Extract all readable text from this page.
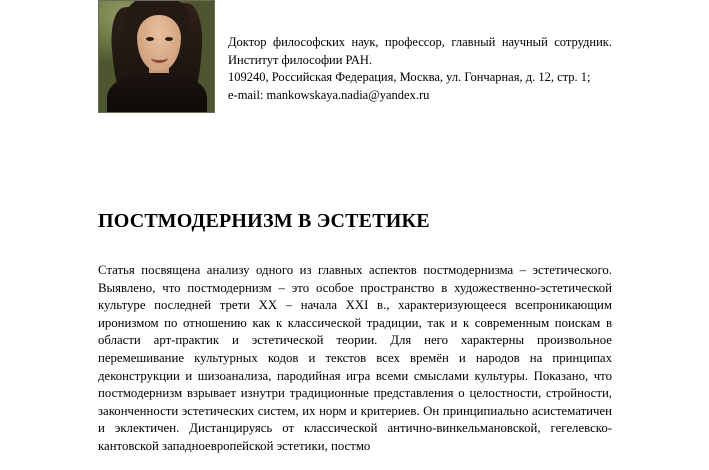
Доктор философских наук, профессор, главный научный сотрудник. Институт философии РАН.

109240, Российская Федерация, Москва, ул. Гончарная, д. 12, стр. 1;

e-mail: mankowskaya.nadia@yandex.ru

ПОСТМОДЕРНИЗМ В ЭСТЕТИКЕ

Статья посвящена анализу одного из главных аспектов постмодернизма – эстетического. Выявлено, что постмодернизм – это особое пространство в художественно-эстетической культуре последней трети XX – начала XXI в., характеризующееся всепроникающим иронизмом по отношению как к классической традиции, так и к современным поискам в области арт-практик и эстетической теории. Для него характерны произвольное перемешивание культурных кодов и текстов всех времён и народов на принципах деконструкции и шизоанализа, пародийная игра всеми смыслами культуры. Показано, что постмодернизм взрывает изнутри традиционные представления о целостности, стройности, законченности эстетических систем, их норм и критериев. Он принципиально асистематичен и эклектичен. Дистанцируясь от классической антично-винкельмановской, гегелевско-кантовской западноевропейской эстетики, постмо
